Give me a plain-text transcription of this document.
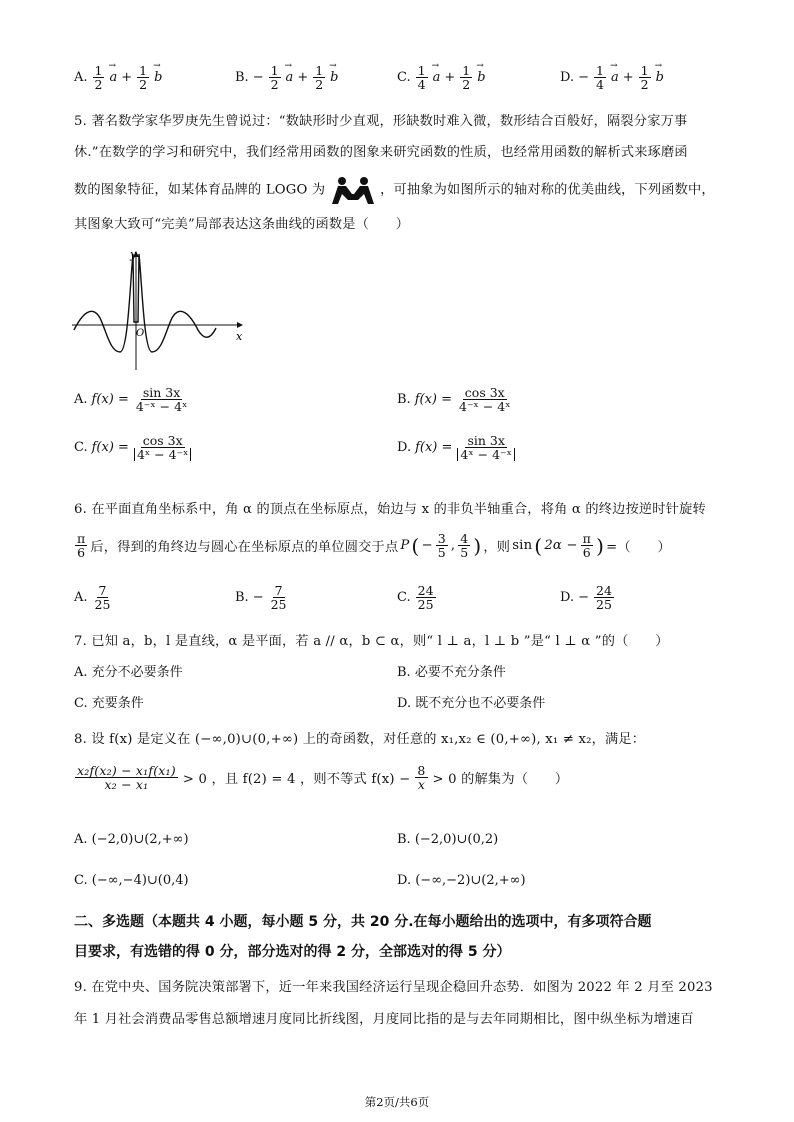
A. $\frac{1}{2}$
→ $a + \frac{1}{2}$
→ b	B. − $\frac{1}{2}$
→ $a + \frac{1}{2}$
→ b	C. $\frac{1}{4}$
→ $a + \frac{1}{2}$
→ b	D. − $\frac{1}{4}$
→ $a + \frac{1}{2}$
→ b
5. 著名数学家华罗庚先生曾说过：“数缺形时少直观，形缺数时难入微，数形结合百般好，隔裂分家万事
休.”在数学的学习和研究中，我们经常用函数的图象来研究函数的性质，也经常用函数的解析式来琢磨函
数的图象特征，如某体育品牌的 LOGO 为	，可抽象为如图所示的轴对称的优美曲线，下列函数中，
其图象大致可“完美”局部表达这条曲线的函数是（　　）
y
x
O
A. $f(x) = \frac{\sin 3x}{\text{4⁻ˣ − 4ˣ}}$	B. $f(x) = \frac{\cos 3x}{\text{4⁻ˣ − 4ˣ}}$
C. $f(x) = \frac{\cos 3x}{\text{4ˣ − 4⁻ˣ}}$	D. $f(x) = \frac{\sin 3x}{\text{4ˣ − 4⁻ˣ}}$
6. 在平面直角坐标系中，角 α 的顶点在坐标原点，始边与 x 的非负半轴重合，将角 α 的终边按逆时针旋转
$\frac{\pi}{6}$ 后，得到的角终边与圆心在坐标原点的单位圆交于点 P ( − $\frac{3}{5}$ , $\frac{4}{5}$ ) ，则 sin ( $2\alpha - \frac{\pi}{6}$ ) =（　　）
A. $\frac{7}{25}$	B. − $\frac{7}{25}$	C. $\frac{24}{25}$	D. − $\frac{24}{25}$
7. 已知 a，b，l 是直线，α 是平面，若 a // α，b ⊂ α，则“ l ⊥ a，l ⊥ b ”是“ l ⊥ α ”的（　　）
A. 充分不必要条件	B. 必要不充分条件
C. 充要条件	D. 既不充分也不必要条件
8. 设 f(x) 是定义在 (−∞,0)∪(0,+∞) 上的奇函数，对任意的 x₁,x₂ ∈ (0,+∞), x₁ ≠ x₂，满足：
$\frac{\text{x₂f(x₂) − x₁f(x₁)}}{\text{x₂ − x₁}} > 0$ ，且 f(2) = 4 ，则不等式 $f(x) - \frac{8}{x} > 0$ 的解集为（　　）
A. (−2,0)∪(2,+∞)	B. (−2,0)∪(0,2)
C. (−∞,−4)∪(0,4)	D. (−∞,−2)∪(2,+∞)
二、多选题（本题共 4 小题，每小题 5 分，共 20 分.在每小题给出的选项中，有多项符合题
目要求，有选错的得 0 分，部分选对的得 2 分，全部选对的得 5 分）
9. 在党中央、国务院决策部署下，近一年来我国经济运行呈现企稳回升态势．如图为 2022 年 2 月至 2023
年 1 月社会消费品零售总额增速月度同比折线图，月度同比指的是与去年同期相比，图中纵坐标为增速百
第2页/共6页
